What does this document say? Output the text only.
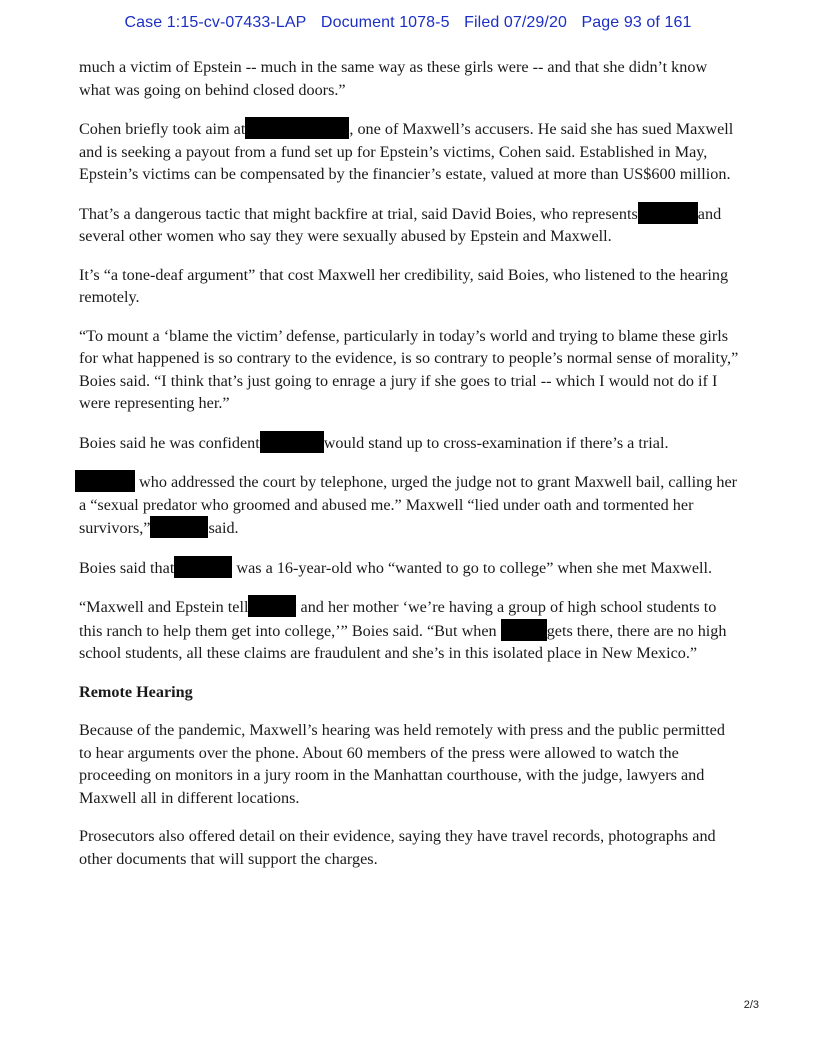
Case 1:15-cv-07433-LAP Document 1078-5 Filed 07/29/20 Page 93 of 161

much a victim of Epstein -- much in the same way as these girls were -- and that she didn’t know what was going on behind closed doors.”

Cohen briefly took aim at	, one of Maxwell’s accusers. He said she has sued Maxwell and is seeking a payout from a fund set up for Epstein’s victims, Cohen said. Established in May, Epstein’s victims can be compensated by the financier’s estate, valued at more than US$600 million.

That’s a dangerous tactic that might backfire at trial, said David Boies, who represents	and several other women who say they were sexually abused by Epstein and Maxwell.

It’s “a tone-deaf argument” that cost Maxwell her credibility, said Boies, who listened to the hearing remotely.

“To mount a ‘blame the victim’ defense, particularly in today’s world and trying to blame these girls for what happened is so contrary to the evidence, is so contrary to people’s normal sense of morality,” Boies said. “I think that’s just going to enrage a jury if she goes to trial -- which I would not do if I were representing her.”

Boies said he was confident	would stand up to cross-examination if there’s a trial.

who addressed the court by telephone, urged the judge not to grant Maxwell bail, calling her a “sexual predator who groomed and abused me.” Maxwell “lied under oath and tormented her survivors,”	said.

Boies said that	was a 16-year-old who “wanted to go to college” when she met Maxwell.

“Maxwell and Epstein tell	and her mother ‘we’re having a group of high school students to this ranch to help them get into college,’” Boies said. “But when	gets there, there are no high school students, all these claims are fraudulent and she’s in this isolated place in New Mexico.”

Remote Hearing

Because of the pandemic, Maxwell’s hearing was held remotely with press and the public permitted to hear arguments over the phone. About 60 members of the press were allowed to watch the proceeding on monitors in a jury room in the Manhattan courthouse, with the judge, lawyers and Maxwell all in different locations.

Prosecutors also offered detail on their evidence, saying they have travel records, photographs and other documents that will support the charges.

2/3
